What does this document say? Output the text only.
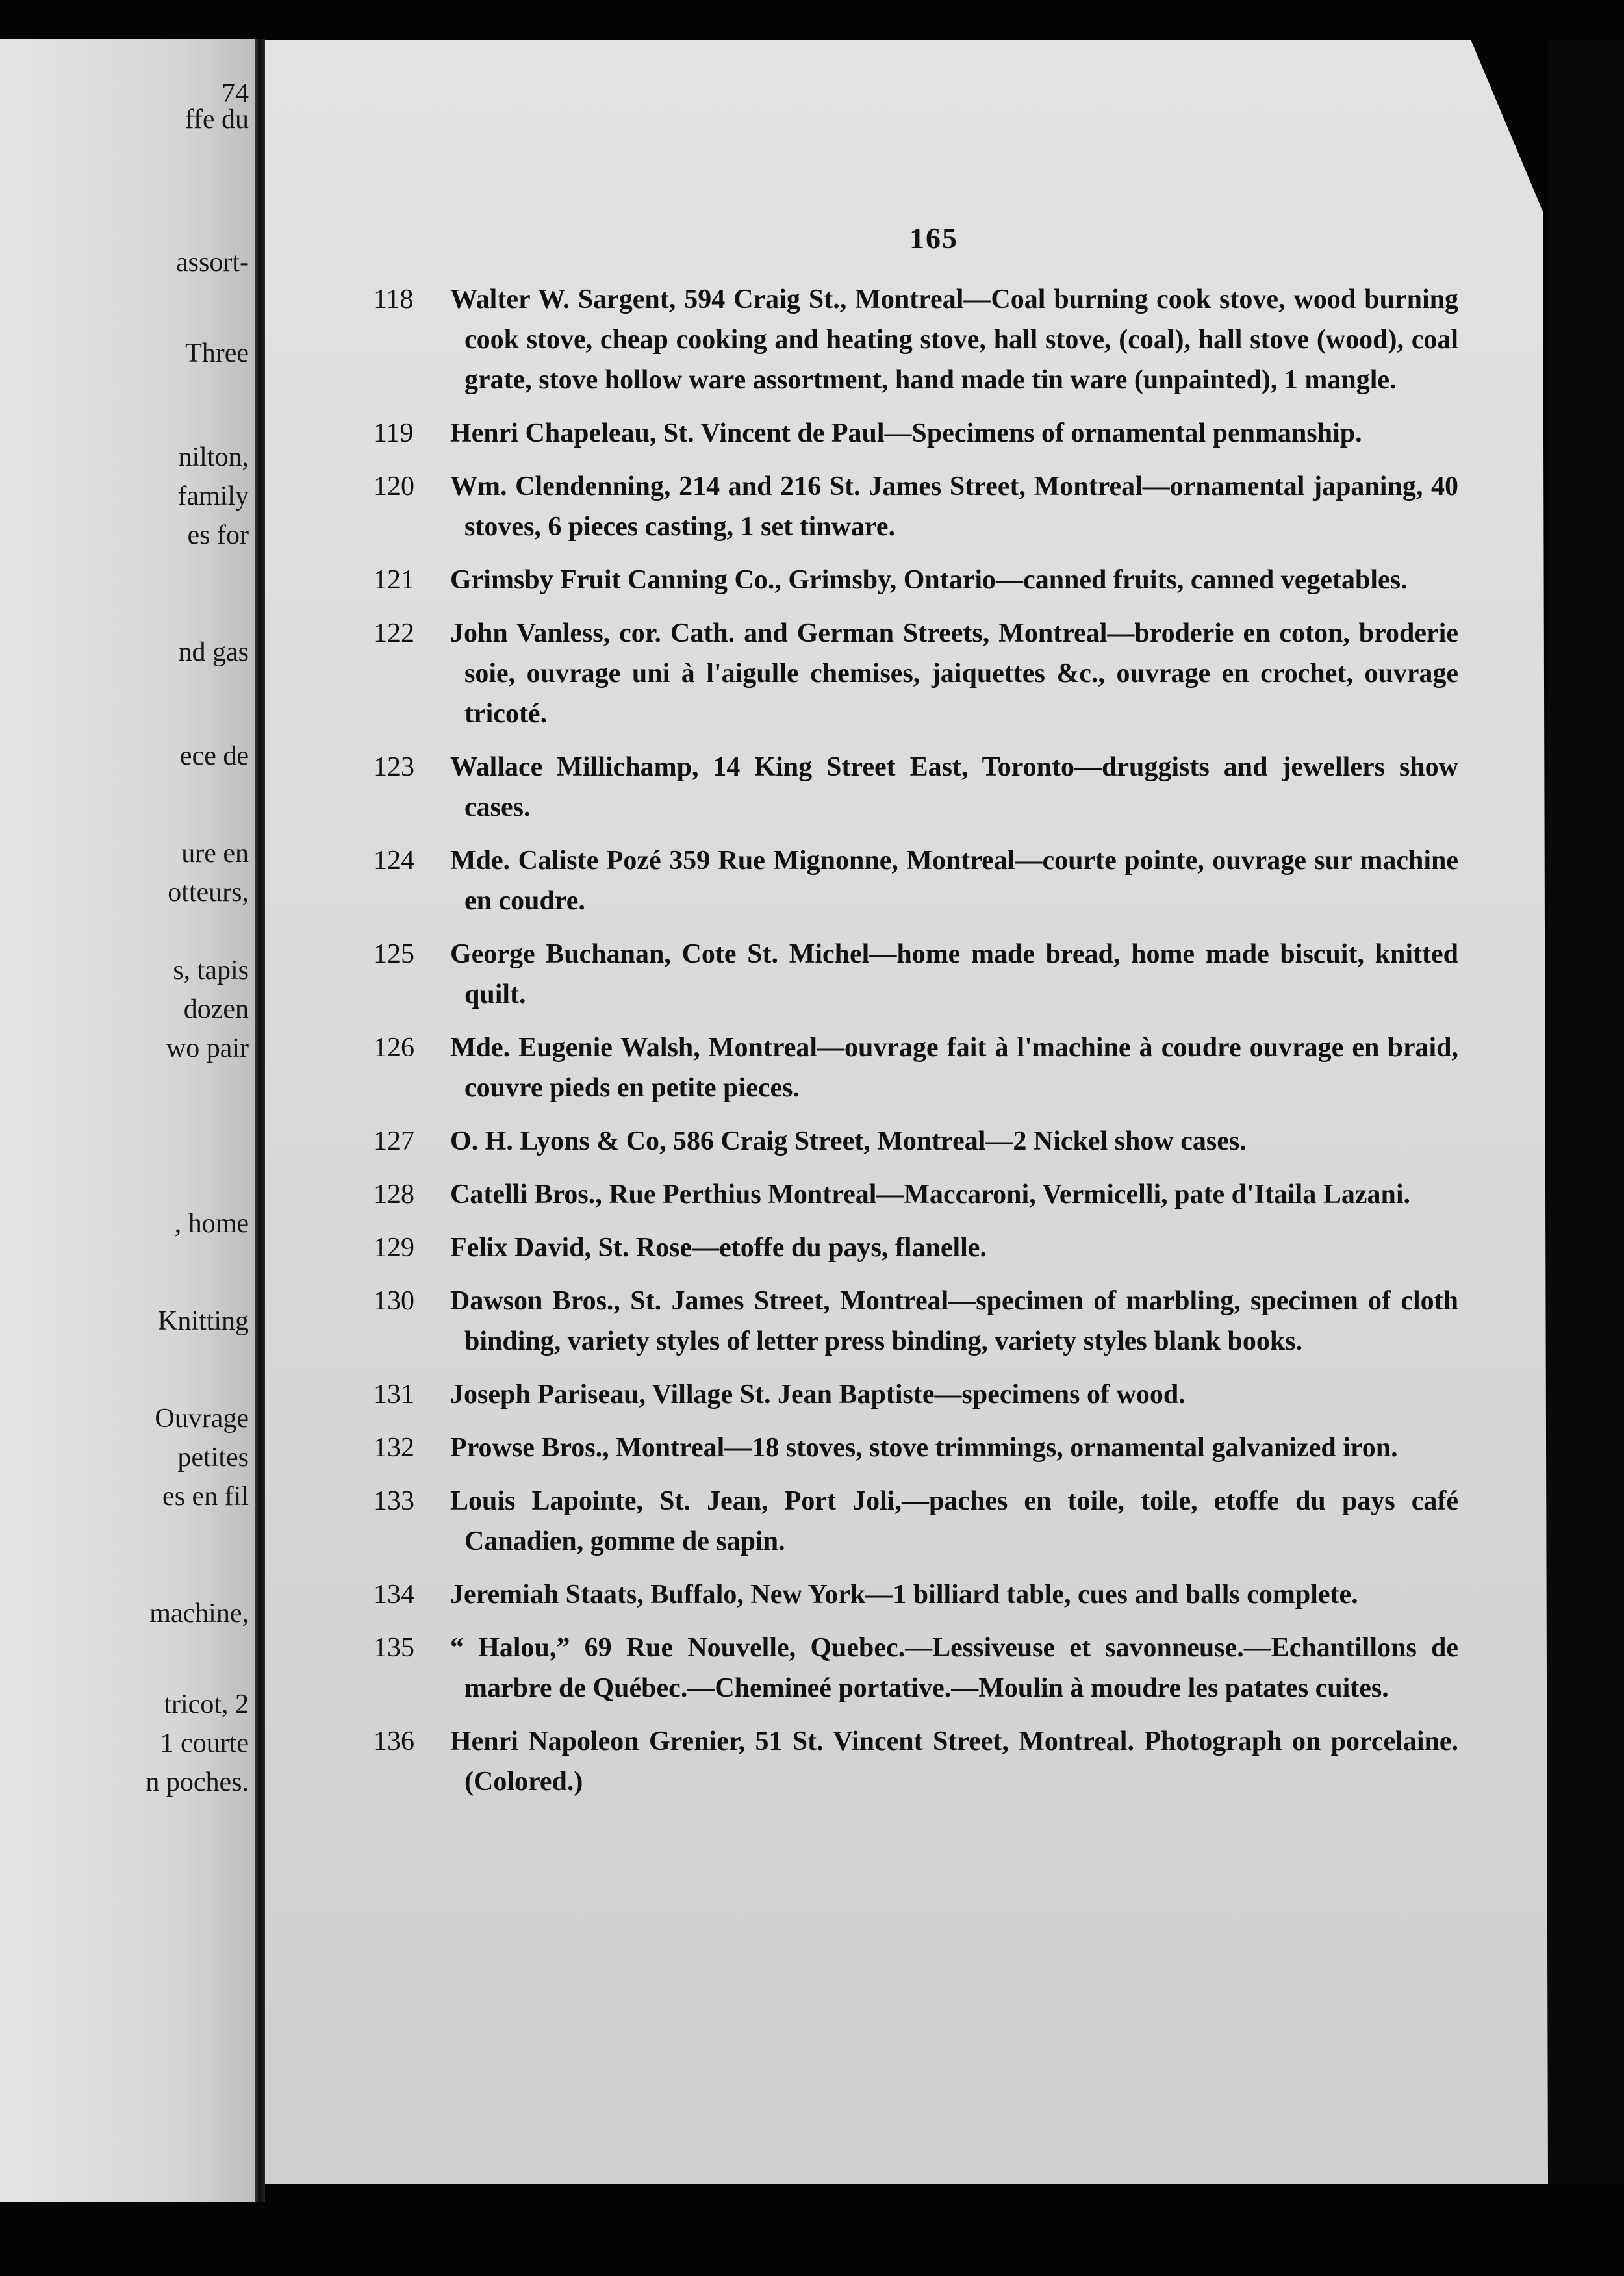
74
ffe du
assort-
Three
nilton,
family
es for
nd gas
ece de
ure en
otteurs,
s, tapis
dozen
wo pair
, home
Knitting
Ouvrage
petites
es en fil
machine,
tricot, 2
1 courte
n poches.
165
118	Walter W. Sargent, 594 Craig St., Montreal—Coal burning cook stove, wood burning cook stove, cheap cooking and heating stove, hall stove, (coal), hall stove (wood), coal grate, stove hollow ware assortment, hand made tin ware (unpainted), 1 mangle.
119	Henri Chapeleau, St. Vincent de Paul—Specimens of ornamental penmanship.
120	Wm. Clendenning, 214 and 216 St. James Street, Montreal—ornamental japaning, 40 stoves, 6 pieces casting, 1 set tinware.
121	Grimsby Fruit Canning Co., Grimsby, Ontario—canned fruits, canned vegetables.
122	John Vanless, cor. Cath. and German Streets, Montreal—broderie en coton, broderie soie, ouvrage uni à l'aigulle chemises, jaiquettes &c., ouvrage en crochet, ouvrage tricoté.
123	Wallace Millichamp, 14 King Street East, Toronto—druggists and jewellers show cases.
124	Mde. Caliste Pozé 359 Rue Mignonne, Montreal—courte pointe, ouvrage sur machine en coudre.
125	George Buchanan, Cote St. Michel—home made bread, home made biscuit, knitted quilt.
126	Mde. Eugenie Walsh, Montreal—ouvrage fait à l'machine à coudre ouvrage en braid, couvre pieds en petite pieces.
127	O. H. Lyons & Co, 586 Craig Street, Montreal—2 Nickel show cases.
128	Catelli Bros., Rue Perthius Montreal—Maccaroni, Vermicelli, pate d'Itaila Lazani.
129	Felix David, St. Rose—etoffe du pays, flanelle.
130	Dawson Bros., St. James Street, Montreal—specimen of marbling, specimen of cloth binding, variety styles of letter press binding, variety styles blank books.
131	Joseph Pariseau, Village St. Jean Baptiste—specimens of wood.
132	Prowse Bros., Montreal—18 stoves, stove trimmings, ornamental galvanized iron.
133	Louis Lapointe, St. Jean, Port Joli,—paches en toile, toile, etoffe du pays café Canadien, gomme de sapin.
134	Jeremiah Staats, Buffalo, New York—1 billiard table, cues and balls complete.
135	“ Halou,” 69 Rue Nouvelle, Quebec.—Lessiveuse et savonneuse.—Echantillons de marbre de Québec.—Chemineé portative.—Moulin à moudre les patates cuites.
136	Henri Napoleon Grenier, 51 St. Vincent Street, Montreal. Photograph on porcelaine. (Colored.)
